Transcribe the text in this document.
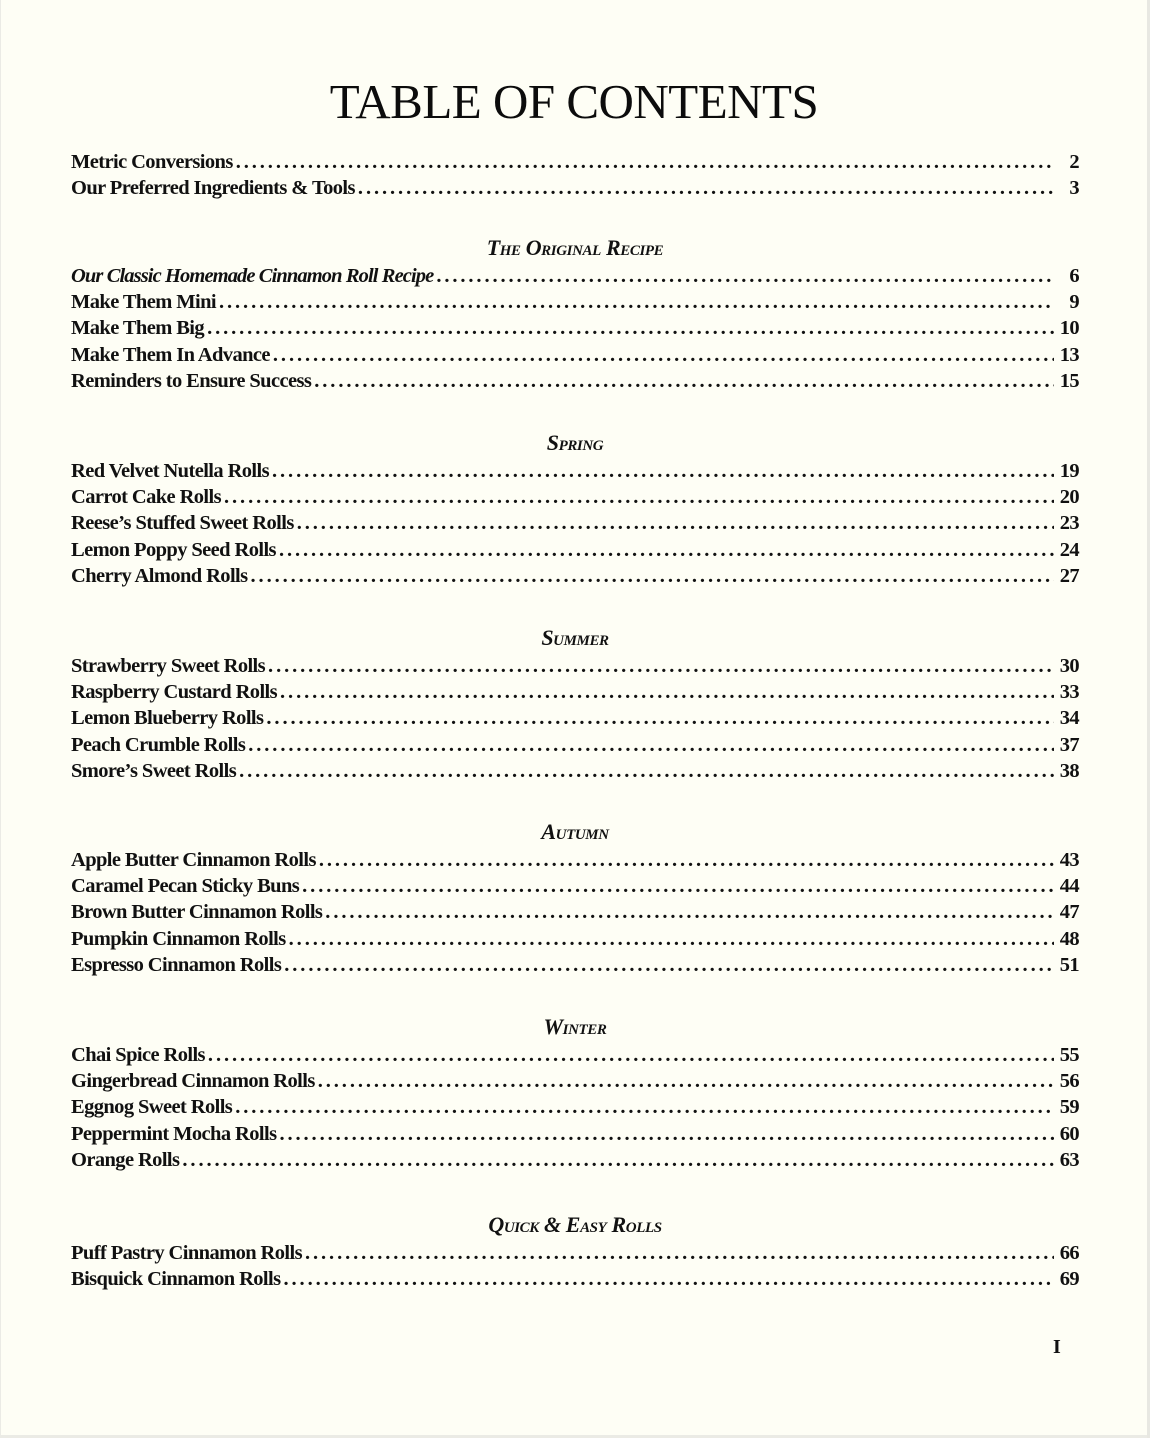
TABLE OF CONTENTS
Metric Conversions .....	2
Our Preferred Ingredients & Tools .....	3
The Original Recipe
Our Classic Homemade Cinnamon Roll Recipe .....	6
Make Them Mini .....	9
Make Them Big .....	10
Make Them In Advance .....	13
Reminders to Ensure Success .....	15
Spring
Red Velvet Nutella Rolls .....	19
Carrot Cake Rolls .....	20
Reese’s Stuffed Sweet Rolls .....	23
Lemon Poppy Seed Rolls .....	24
Cherry Almond Rolls .....	27
Summer
Strawberry Sweet Rolls .....	30
Raspberry Custard Rolls .....	33
Lemon Blueberry Rolls .....	34
Peach Crumble Rolls .....	37
Smore’s Sweet Rolls .....	38
Autumn
Apple Butter Cinnamon Rolls .....	43
Caramel Pecan Sticky Buns .....	44
Brown Butter Cinnamon Rolls .....	47
Pumpkin Cinnamon Rolls .....	48
Espresso Cinnamon Rolls .....	51
Winter
Chai Spice Rolls .....	55
Gingerbread Cinnamon Rolls .....	56
Eggnog Sweet Rolls .....	59
Peppermint Mocha Rolls .....	60
Orange Rolls .....	63
Quick & Easy Rolls
Puff Pastry Cinnamon Rolls .....	66
Bisquick Cinnamon Rolls .....	69
I
